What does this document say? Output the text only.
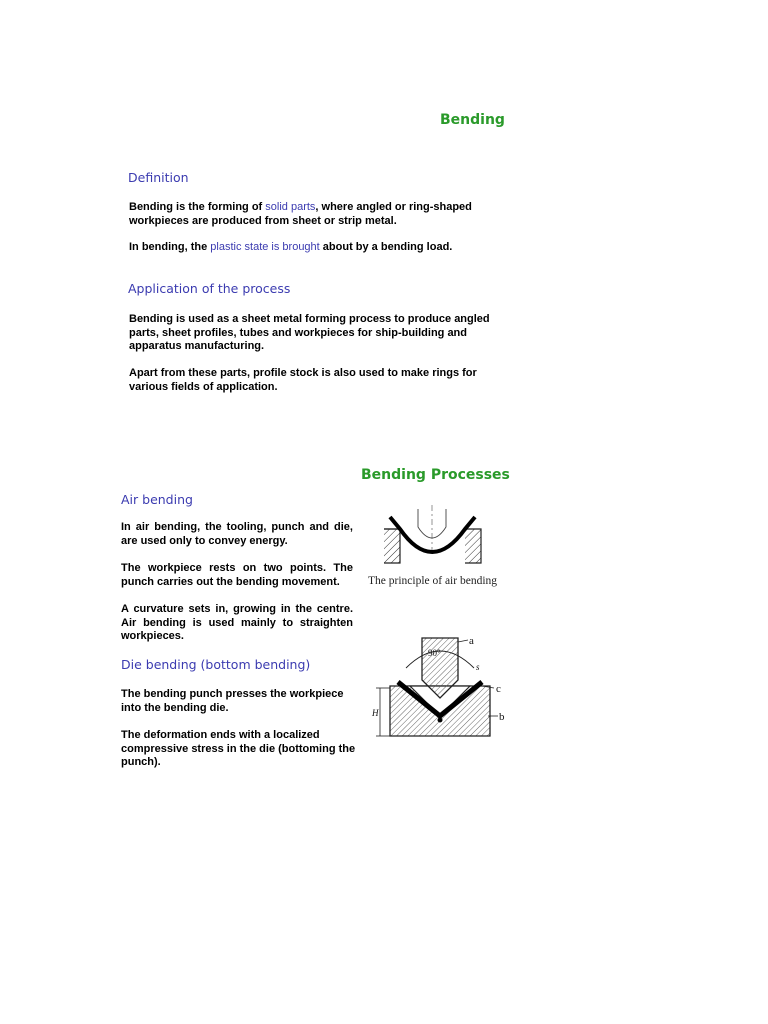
Bending
Definition
Bending is the forming of solid parts, where angled or ring-shaped workpieces are produced from sheet or strip metal.
In bending, the plastic state is brought about by a bending load.
Application of the process
Bending is used as a sheet metal forming process to produce angled parts, sheet profiles, tubes and workpieces for ship-building and apparatus manufacturing.
Apart from these parts, profile stock is also used to make rings for various fields of application.
Bending Processes
Air bending
In air bending, the tooling, punch and die, are used only to convey energy.
The workpiece rests on two points. The punch carries out the bending movement.
A curvature sets in, growing in the centre. Air bending is used mainly to straighten workpieces.
The principle of air bending
Die bending (bottom bending)
The bending punch presses the workpiece into the bending die.
The deformation ends with a localized compressive stress in the die (bottoming the punch).
90°
H
a
s
c
b
